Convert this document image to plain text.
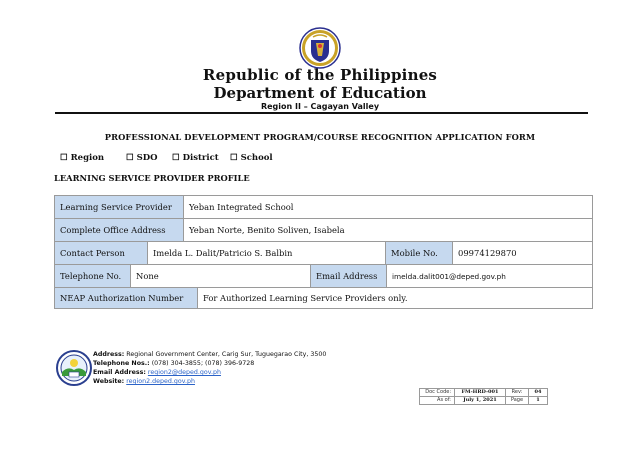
Republic of the Philippines
Department of Education
Region II – Cagayan Valley
PROFESSIONAL DEVELOPMENT PROGRAM/COURSE RECOGNITION APPLICATION FORM
☐ Region	☐ SDO ☐ District ☐ School
LEARNING SERVICE PROVIDER PROFILE
Learning Service Provider	Yeban Integrated School
Complete Office Address	Yeban Norte, Benito Soliven, Isabela
Contact Person	Imelda L. Dalit/Patricio S. Balbin	Mobile No.	09974129870
Telephone No.	None	Email Address	imelda.dalit001@deped.gov.ph
NEAP Authorization Number	For Authorized Learning Service Providers only.
Address: Regional Government Center, Carig Sur, Tuguegarao City, 3500
Telephone Nos.: (078) 304-3855; (078) 396-9728
Email Address: region2@deped.gov.ph
Website: region2.deped.gov.ph
Doc Code:	FM-HRD-001	Rev:	04
As of:	July 1, 2021	Page	1
